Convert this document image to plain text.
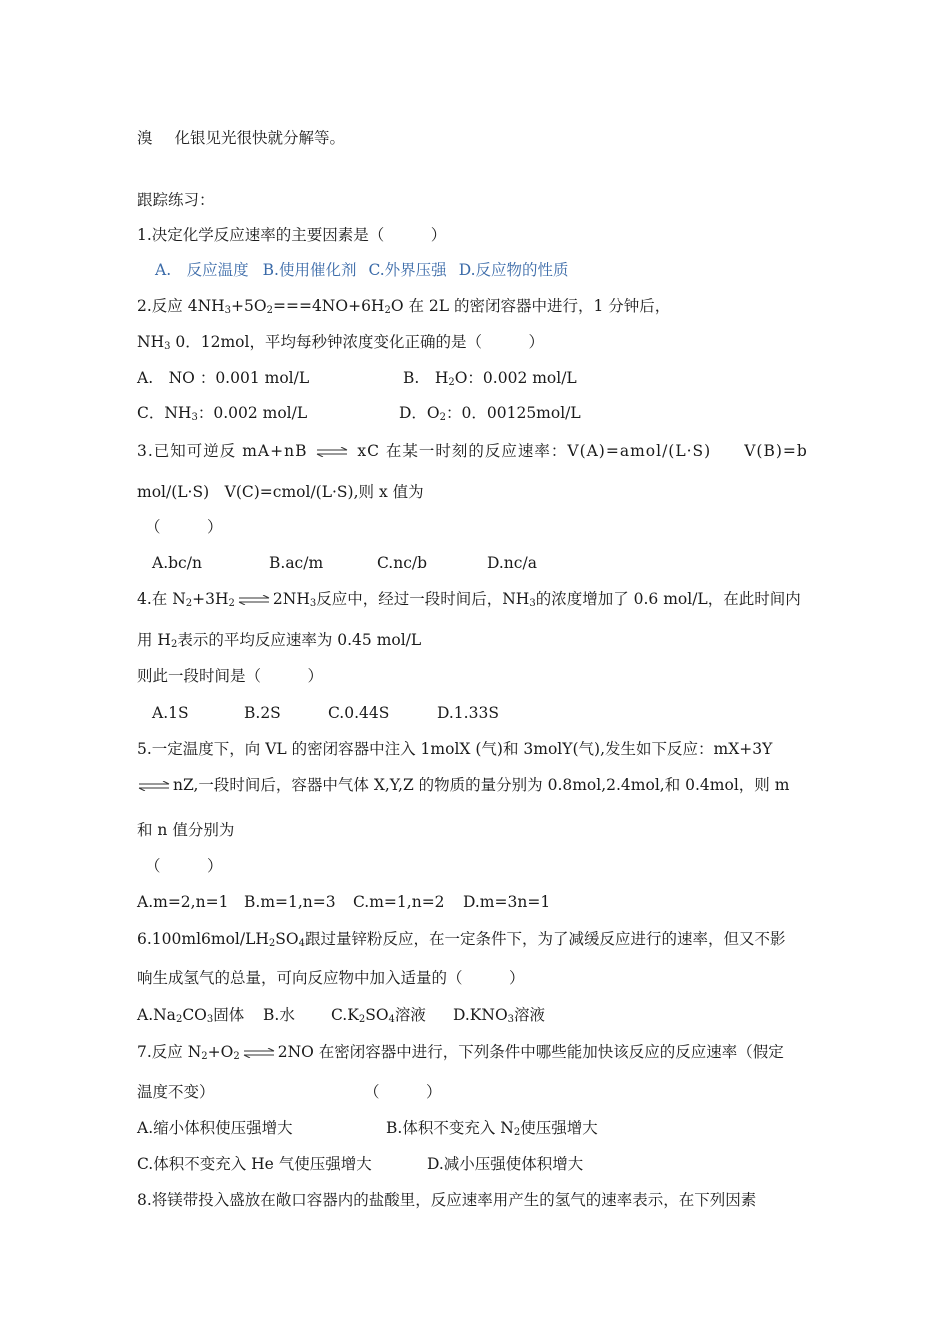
溴 化银见光很快就分解等。
跟踪练习：
1.决定化学反应速率的主要因素是（　　　）
A.　反应温度 B.使用催化剂 C.外界压强 D.反应物的性质
2.反应 $4NH_3+5O_2===4NO+6H_2O$ 在 2L 的密闭容器中进行，1 分钟后，
$NH_3$ 0．12mol，平均每秒钟浓度变化正确的是（　　　）
A.　NO ：0.001 mol/L	B.　$H_2O$：0.002 mol/L
C．$NH_3$：0.002 mol/L	D．$O_2$：0．00125mol/L
3.已知可逆反 mA+nB ⇌ xC 在某一时刻的反应速率：V(A)=amol/(L·S)　　V(B)=b
mol/(L·S)　V(C)=cmol/(L·S),则 x 值为
（　　　）
A.bc/n	B.ac/m	C.nc/b	D.nc/a
4.在 $N_2+3H_2$ ⇌ $2NH_3$反应中，经过一段时间后，$NH_3$的浓度增加了 0.6 mol/L，在此时间内
用 $H_2$表示的平均反应速率为 0.45 mol/L
则此一段时间是（　　　）
A.1S	B.2S	C.0.44S	D.1.33S
5.一定温度下，向 VL 的密闭容器中注入 1molX (气)和 3molY(气),发生如下反应：mX+3Y
⇌ nZ,一段时间后，容器中气体 X,Y,Z 的物质的量分别为 0.8mol,2.4mol,和 0.4mol，则 m
和 n 值分别为
（　　　）
A.m=2,n=1 B.m=1,n=3 C.m=1,n=2 D.m=3n=1
$6.100ml6mol/LH_2SO_4$跟过量锌粉反应，在一定条件下，为了减缓反应进行的速率，但又不影
响生成氢气的总量，可向反应物中加入适量的（　　　）
$A.Na_2CO_3$固体 B.水 $C.K_2SO_4$溶液 $D.KNO_3$溶液
7.反应 $N_2+O_2$ ⇌ 2NO 在密闭容器中进行，下列条件中哪些能加快该反应的反应速率（假定
温度不变）	（　　　）
A.缩小体积使压强增大	B.体积不变充入 $N_2$使压强增大
C.体积不变充入 He 气使压强增大	D.减小压强使体积增大
8.将镁带投入盛放在敞口容器内的盐酸里，反应速率用产生的氢气的速率表示，在下列因素
